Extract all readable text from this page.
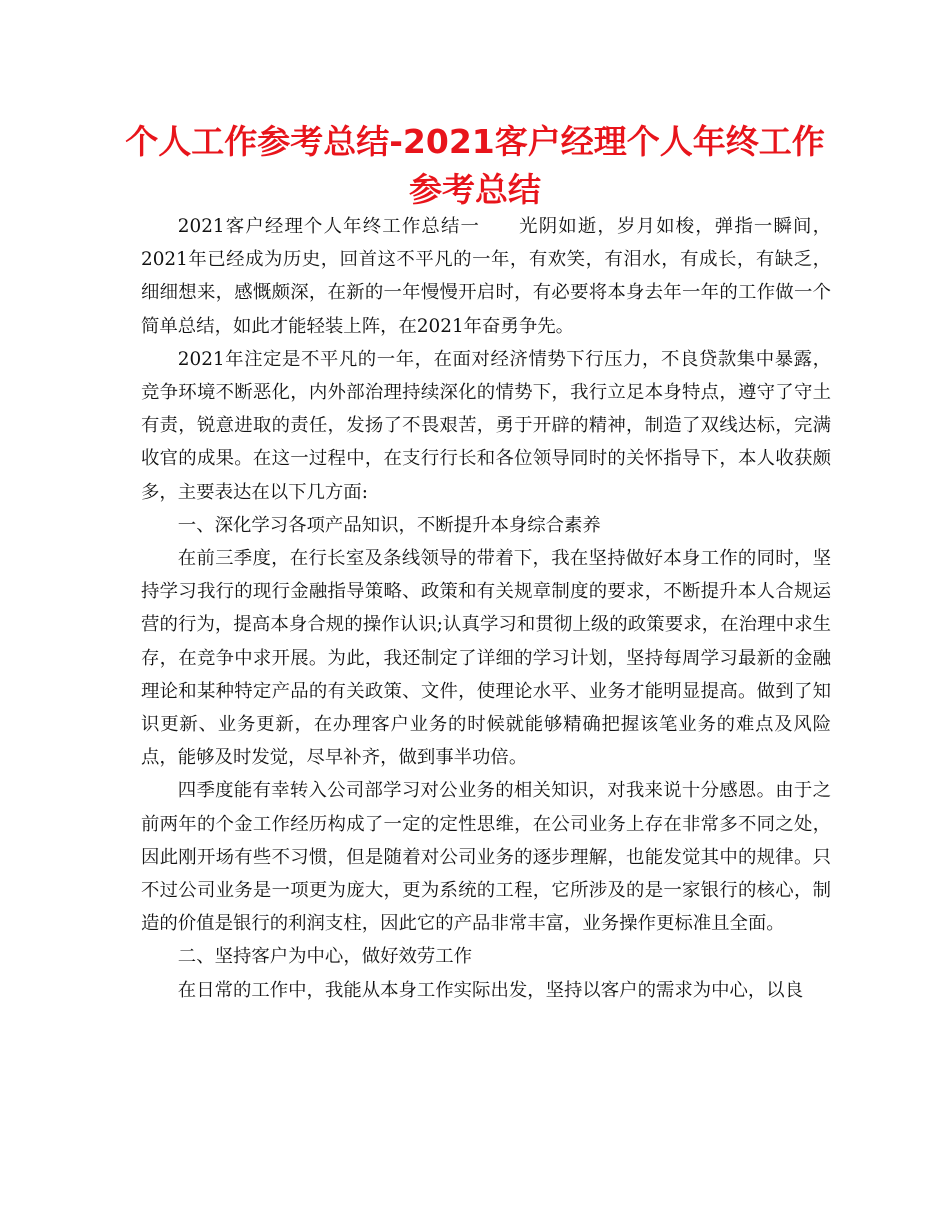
个人工作参考总结-2021客户经理个人年终工作参考总结

2021客户经理个人年终工作总结一　　光阴如逝，岁月如梭，弹指一瞬间，2021年已经成为历史，回首这不平凡的一年，有欢笑，有泪水，有成长，有缺乏，细细想来，感慨颇深，在新的一年慢慢开启时，有必要将本身去年一年的工作做一个简单总结，如此才能轻装上阵，在2021年奋勇争先。

2021年注定是不平凡的一年，在面对经济情势下行压力，不良贷款集中暴露，竞争环境不断恶化，内外部治理持续深化的情势下，我行立足本身特点，遵守了守土有责，锐意进取的责任，发扬了不畏艰苦，勇于开辟的精神，制造了双线达标，完满收官的成果。在这一过程中，在支行行长和各位领导同时的关怀指导下，本人收获颇多，主要表达在以下几方面:

一、深化学习各项产品知识，不断提升本身综合素养

在前三季度，在行长室及条线领导的带着下，我在坚持做好本身工作的同时，坚持学习我行的现行金融指导策略、政策和有关规章制度的要求，不断提升本人合规运营的行为，提高本身合规的操作认识;认真学习和贯彻上级的政策要求，在治理中求生存，在竞争中求开展。为此，我还制定了详细的学习计划，坚持每周学习最新的金融理论和某种特定产品的有关政策、文件，使理论水平、业务才能明显提高。做到了知识更新、业务更新，在办理客户业务的时候就能够精确把握该笔业务的难点及风险点，能够及时发觉，尽早补齐，做到事半功倍。

四季度能有幸转入公司部学习对公业务的相关知识，对我来说十分感恩。由于之前两年的个金工作经历构成了一定的定性思维，在公司业务上存在非常多不同之处，因此刚开场有些不习惯，但是随着对公司业务的逐步理解，也能发觉其中的规律。只不过公司业务是一项更为庞大，更为系统的工程，它所涉及的是一家银行的核心，制造的价值是银行的利润支柱，因此它的产品非常丰富，业务操作更标准且全面。

二、坚持客户为中心，做好效劳工作

在日常的工作中，我能从本身工作实际出发，坚持以客户的需求为中心，以良
